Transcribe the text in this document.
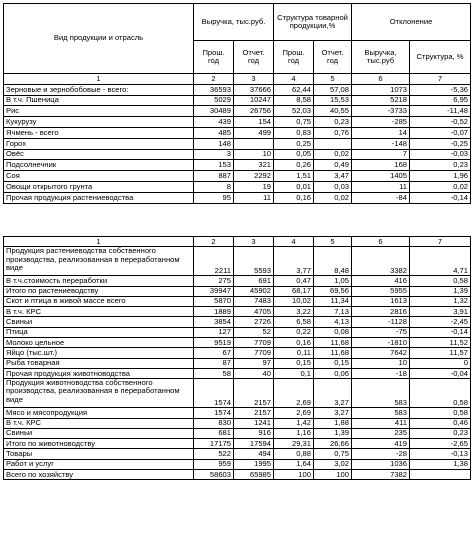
Вид продукции и отрасль	Выручка, тыс.руб.		Структура товарной продукции,%		Отклонение	
	Прош. год	Отчет. год	Прош. год	Отчет. год	Выручка, тыс.руб	Структура, %
1	2	3	4	5	6	7
Зерновые и зернобобовые - всего:	36593	37666	62,44	57,08	1073	-5,36
В т.ч. Пшеница	5029	10247	8,58	15,53	5218	6,95
Рис	30489	26756	52,03	40,55	-3733	-11,48
Кукурузу	439	154	0,75	0,23	-285	-0,52
Ячмень - всего	485	499	0,83	0,76	14	-0,07
Горох	148		0,25		-148	-0,25
Овёс	3	10	0,05	0,02	7	-0,03
Подсолнечник	153	321	0,26	0,49	168	0,23
Соя	887	2292	1,51	3,47	1405	1,96
Овощи открытого грунта	8	19	0,01	0,03	11	0,02
Прочая продукция растениеводства	95	11	0,16	0,02	-84	-0,14
1	2	3	4	5	6	7
Продукция растениеводства собственного производства, реализованная в переработанном виде	2211	5593	3,77	8,48	3382	4,71
В т.ч.стоимость переработки	275	691	0,47	1,05	416	0,58
Итого по растениеводству	39947	45902	68,17	69,56	5955	1,39
Скот и птица в живой массе всего	5870	7483	10,02	11,34	1613	1,32
В т.ч. КРС	1889	4705	3,22	7,13	2816	3,91
Свиньи	3854	2726	6,58	4,13	-1128	-2,45
Птица	127	52	0,22	0,08	-75	-0,14
Молоко цельное	9519	7709	0,16	11,68	-1810	11,52
Яйцо (тыс.шт.)	67	7709	0,11	11,68	7642	11,57
Рыба товарная	87	97	0,15	0,15	10	0
Прочая продукция животноводства	58	40	0,1	0,06	-18	-0,04
Продукция животноводства собственного производства, реализованная в переработанном виде	1574	2157	2,69	3,27	583	0,58
Мясо и мясопродукция	1574	2157	2,69	3,27	583	0,58
В т.ч. КРС	830	1241	1,42	1,88	411	0,46
Свиньи	681	916	1,16	1,39	235	0,23
Итого по животноводству	17175	17594	29,31	26,66	419	-2,65
Товары	522	494	0,88	0,75	-28	-0,13
Работ и услуг	959	1995	1,64	3,02	1036	1,38
Всего по хозяйству	58603	65985	100	100	7382	
